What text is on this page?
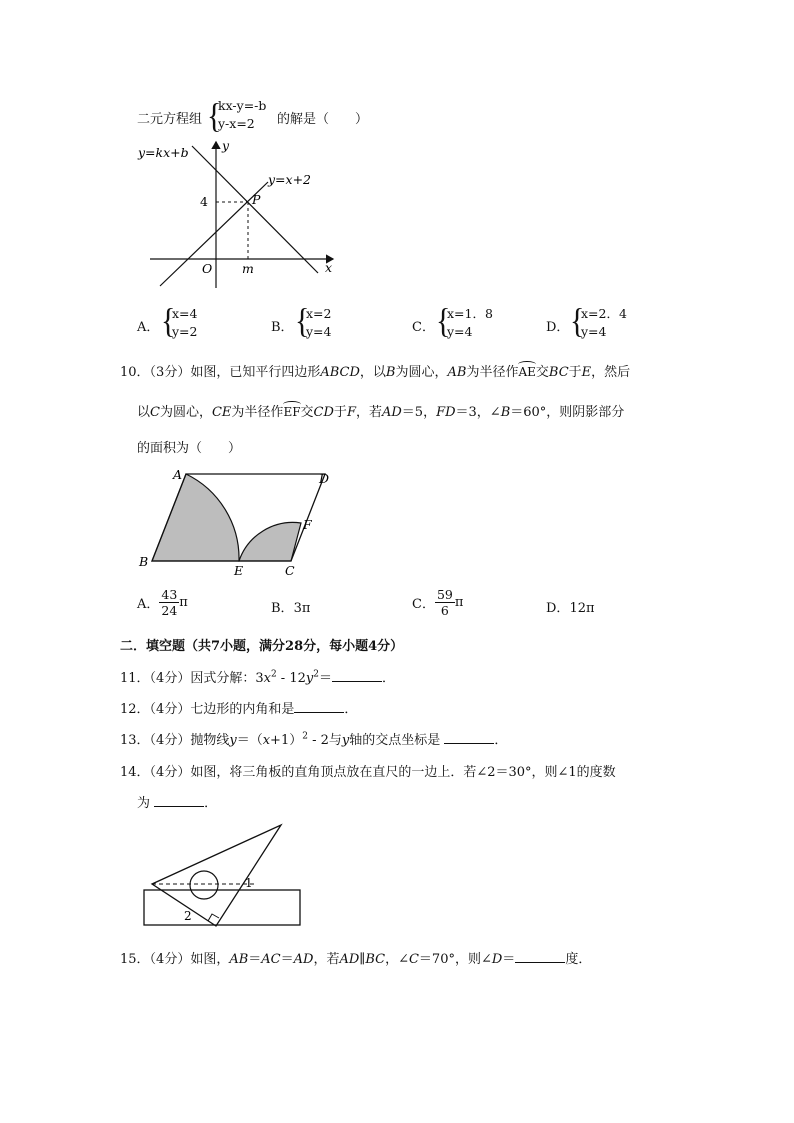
二元方程组 {
kx-y=-b
y-x=2	的解是（　　）
y=kx+b
y=x+2
y
x
O
P
4
m
A． {
x=4
y=2	B． {
x=2
y=4	C． {
x=1．8
y=4	D． {
x=2．4
y=4
10．（3分）如图，已知平行四边形ABCD，以B为圆心，AB为半径作AE交BC于E，然后
以C为圆心，CE为半径作EF交CD于F，若AD＝5，FD＝3，∠B＝60°，则阴影部分
的面积为（　　）
A	D
B
E	C
F
A． $\frac{43}{24}$ π	B．3π	C． $\frac{59}{6}$ π	D．12π
二．填空题（共7小题，满分28分，每小题4分）
11．（4分）因式分解：$3x^2 - 12y^2=$	．
12．（4分）七边形的内角和是	．
13．（4分）抛物线$y=(x+1)^2 - 2$与y轴的交点坐标是	．
14．（4分）如图，将三角板的直角顶点放在直尺的一边上．若∠2＝30°，则∠1的度数
为	．
1
2
15．（4分）如图，AB＝AC＝AD，若AD∥BC，∠C＝70°，则∠D＝	度．
